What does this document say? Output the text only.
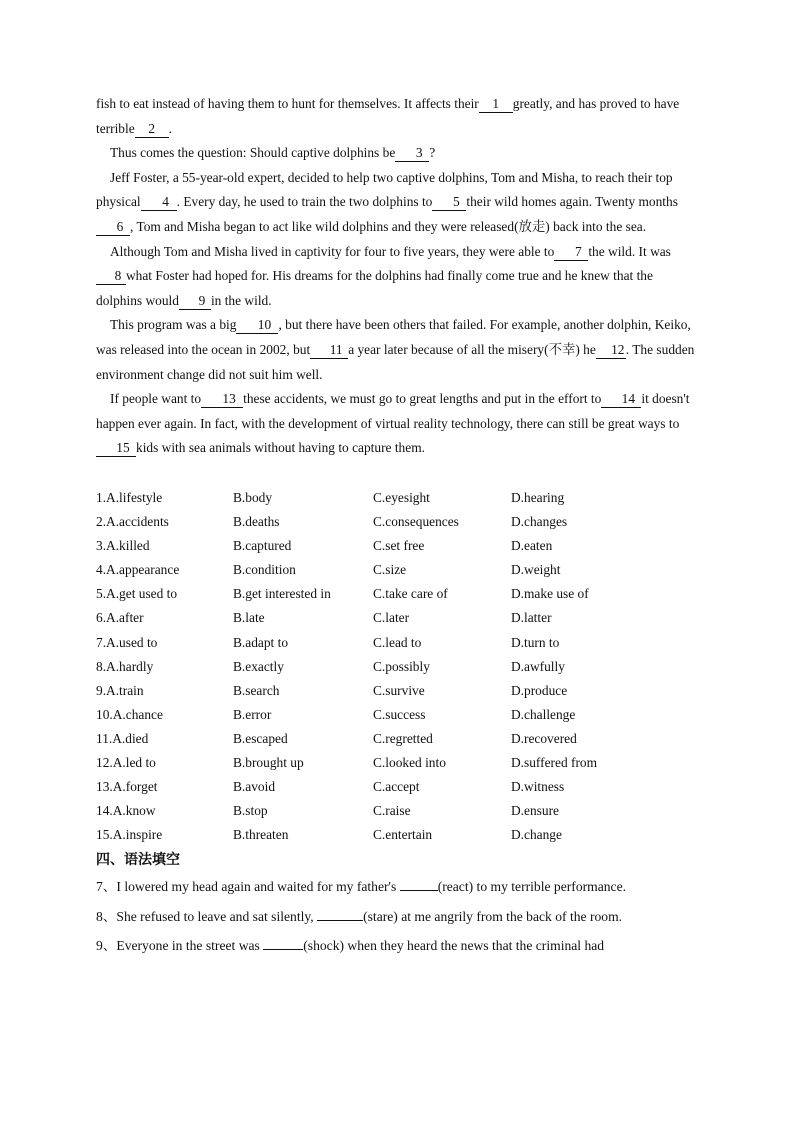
fish to eat instead of having them to hunt for themselves. It affects their 1 greatly, and has proved to have terrible 2 .

Thus comes the question: Should captive dolphins be 3 ?

Jeff Foster, a 55-year-old expert, decided to help two captive dolphins, Tom and Misha, to reach their top physical 4 . Every day, he used to train the two dolphins to 5 their wild homes again. Twenty months6 , Tom and Misha began to act like wild dolphins and they were released(放走) back into the sea.

Although Tom and Misha lived in captivity for four to five years, they were able to 7 the wild. It was8 what Foster had hoped for. His dreams for the dolphins had finally come true and he knew that the dolphins would 9 in the wild.

This program was a big 10 , but there have been others that failed. For example, another dolphin, Keiko, was released into the ocean in 2002, but 11 a year later because of all the misery(不幸) he 12. The sudden environment change did not suit him well.

If people want to 13 these accidents, we must go to great lengths and put in the effort to 14 it doesn't happen ever again. In fact, with the development of virtual reality technology, there can still be great ways to15 kids with sea animals without having to capture them.

1.A.lifestyle	B.body	C.eyesight	D.hearing
2.A.accidents	B.deaths	C.consequences	D.changes
3.A.killed	B.captured	C.set free	D.eaten
4.A.appearance	B.condition	C.size	D.weight
5.A.get used to	B.get interested in	C.take care of	D.make use of
6.A.after	B.late	C.later	D.latter
7.A.used to	B.adapt to	C.lead to	D.turn to
8.A.hardly	B.exactly	C.possibly	D.awfully
9.A.train	B.search	C.survive	D.produce
10.A.chance	B.error	C.success	D.challenge
11.A.died	B.escaped	C.regretted	D.recovered
12.A.led to	B.brought up	C.looked into	D.suffered from
13.A.forget	B.avoid	C.accept	D.witness
14.A.know	B.stop	C.raise	D.ensure
15.A.inspire	B.threaten	C.entertain	D.change
四、语法填空

7、I lowered my head again and waited for my father's	(react) to my terrible performance.

8、She refused to leave and sat silently,	(stare) at me angrily from the back of the room.

9、Everyone in the street was	(shock) when they heard the news that the criminal had
